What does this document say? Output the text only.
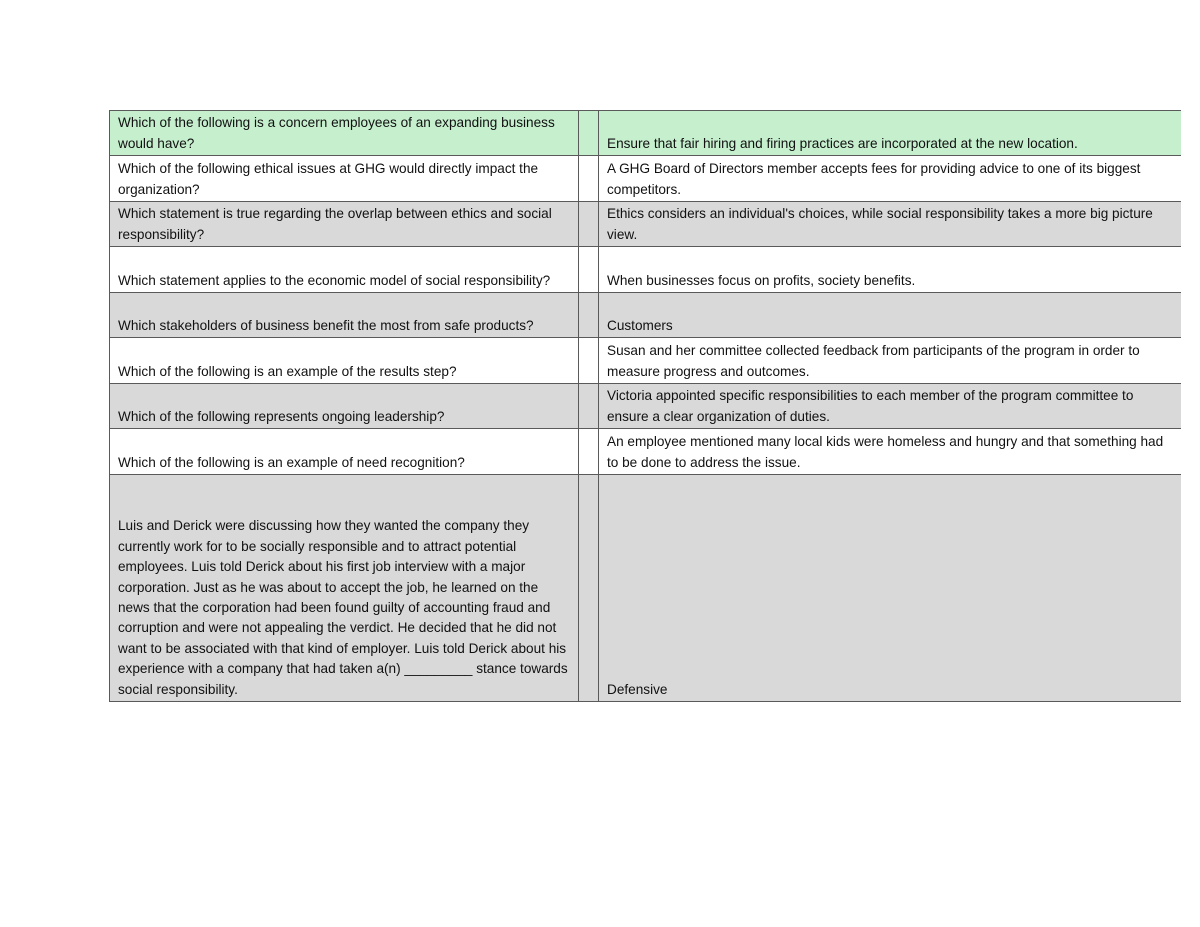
Which of the following is a concern employees of an expanding business would have?		Ensure that fair hiring and firing practices are incorporated at the new location.
Which of the following ethical issues at GHG would directly impact the organization?		A GHG Board of Directors member accepts fees for providing advice to one of its biggest competitors.
Which statement is true regarding the overlap between ethics and social responsibility?		Ethics considers an individual's choices, while social responsibility takes a more big picture view.
Which statement applies to the economic model of social responsibility?		When businesses focus on profits, society benefits.
Which stakeholders of business benefit the most from safe products?		Customers
Which of the following is an example of the results step?		Susan and her committee collected feedback from participants of the program in order to measure progress and outcomes.
Which of the following represents ongoing leadership?		Victoria appointed specific responsibilities to each member of the program committee to ensure a clear organization of duties.
Which of the following is an example of need recognition?		An employee mentioned many local kids were homeless and hungry and that something had to be done to address the issue.
Luis and Derick were discussing how they wanted the company they currently work for to be socially responsible and to attract potential employees. Luis told Derick about his first job interview with a major corporation. Just as he was about to accept the job, he learned on the news that the corporation had been found guilty of accounting fraud and corruption and were not appealing the verdict. He decided that he did not want to be associated with that kind of employer. Luis told Derick about his experience with a company that had taken a(n) _________ stance towards social responsibility.		Defensive
